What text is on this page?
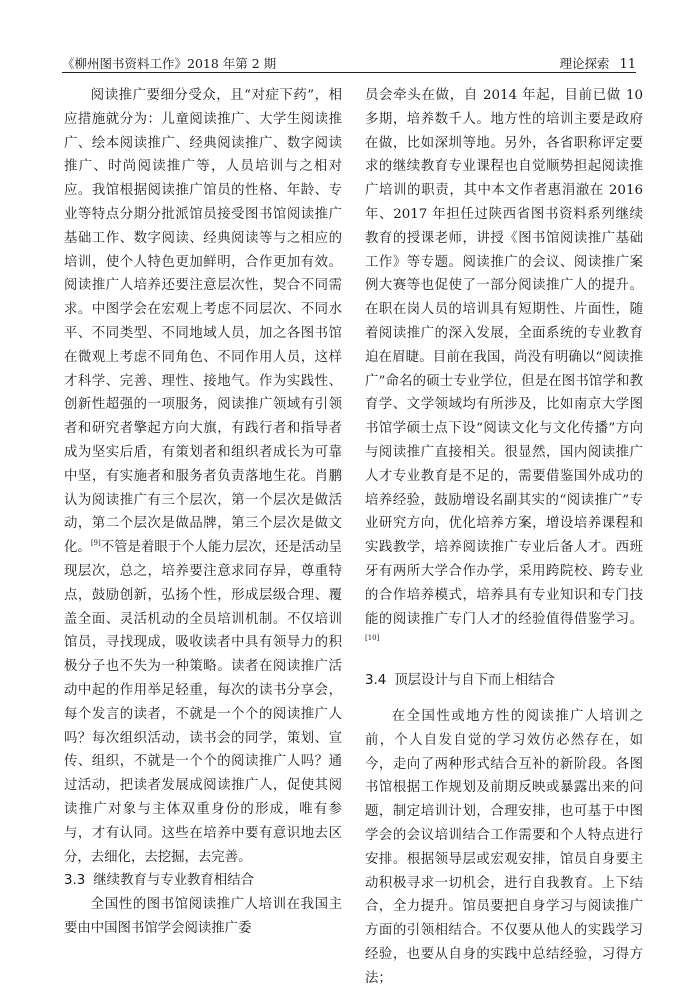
《柳州图书资料工作》2018 年第 2 期	理论探索 11

阅读推广要细分受众，且“对症下药”，相应措施就分为：儿童阅读推广、大学生阅读推广、绘本阅读推广、经典阅读推广、数字阅读推广、时尚阅读推广等，人员培训与之相对应。我馆根据阅读推广馆员的性格、年龄、专业等特点分期分批派馆员接受图书馆阅读推广基础工作、数字阅读、经典阅读等与之相应的培训，使个人特色更加鲜明，合作更加有效。阅读推广人培养还要注意层次性，契合不同需求。中图学会在宏观上考虑不同层次、不同水平、不同类型、不同地域人员，加之各图书馆在微观上考虑不同角色、不同作用人员，这样才科学、完善、理性、接地气。作为实践性、创新性超强的一项服务，阅读推广领域有引领者和研究者擎起方向大旗，有践行者和指导者成为坚实后盾，有策划者和组织者成长为可靠中坚，有实施者和服务者负责落地生花。肖鹏认为阅读推广有三个层次，第一个层次是做活动，第二个层次是做品牌，第三个层次是做文化。[9]不管是着眼于个人能力层次，还是活动呈现层次，总之，培养要注意求同存异，尊重特点，鼓励创新，弘扬个性，形成层级合理、覆盖全面、灵活机动的全员培训机制。不仅培训馆员，寻找现成，吸收读者中具有领导力的积极分子也不失为一种策略。读者在阅读推广活动中起的作用举足轻重，每次的读书分享会，每个发言的读者，不就是一个个的阅读推广人吗？每次组织活动，读书会的同学，策划、宣传、组织，不就是一个个的阅读推广人吗？通过活动，把读者发展成阅读推广人，促使其阅读推广对象与主体双重身份的形成，唯有参与，才有认同。这些在培养中要有意识地去区分，去细化，去挖掘，去完善。

3.3 继续教育与专业教育相结合

全国性的图书馆阅读推广人培训在我国主要由中国图书馆学会阅读推广委

员会牵头在做，自 2014 年起，目前已做 10 多期，培养数千人。地方性的培训主要是政府在做，比如深圳等地。另外，各省职称评定要求的继续教育专业课程也自觉顺势担起阅读推广培训的职责，其中本文作者惠涓澈在 2016 年、2017 年担任过陕西省图书资料系列继续教育的授课老师，讲授《图书馆阅读推广基础工作》等专题。阅读推广的会议、阅读推广案例大赛等也促使了一部分阅读推广人的提升。在职在岗人员的培训具有短期性、片面性，随着阅读推广的深入发展，全面系统的专业教育迫在眉睫。目前在我国，尚没有明确以“阅读推广”命名的硕士专业学位，但是在图书馆学和教育学、文学领域均有所涉及，比如南京大学图书馆学硕士点下设“阅读文化与文化传播”方向与阅读推广直接相关。很显然，国内阅读推广人才专业教育是不足的，需要借鉴国外成功的培养经验，鼓励增设名副其实的“阅读推广”专业研究方向，优化培养方案，增设培养课程和实践教学，培养阅读推广专业后备人才。西班牙有两所大学合作办学，采用跨院校、跨专业的合作培养模式，培养具有专业知识和专门技能的阅读推广专门人才的经验值得借鉴学习。[10]

3.4 顶层设计与自下而上相结合

在全国性或地方性的阅读推广人培训之前，个人自发自觉的学习效仿必然存在，如今，走向了两种形式结合互补的新阶段。各图书馆根据工作规划及前期反映或暴露出来的问题，制定培训计划，合理安排，也可基于中图学会的会议培训结合工作需要和个人特点进行安排。根据领导层或宏观安排，馆员自身要主动积极寻求一切机会，进行自我教育。上下结合，全力提升。馆员要把自身学习与阅读推广方面的引领相结合。不仅要从他人的实践学习经验，也要从自身的实践中总结经验，习得方法；
